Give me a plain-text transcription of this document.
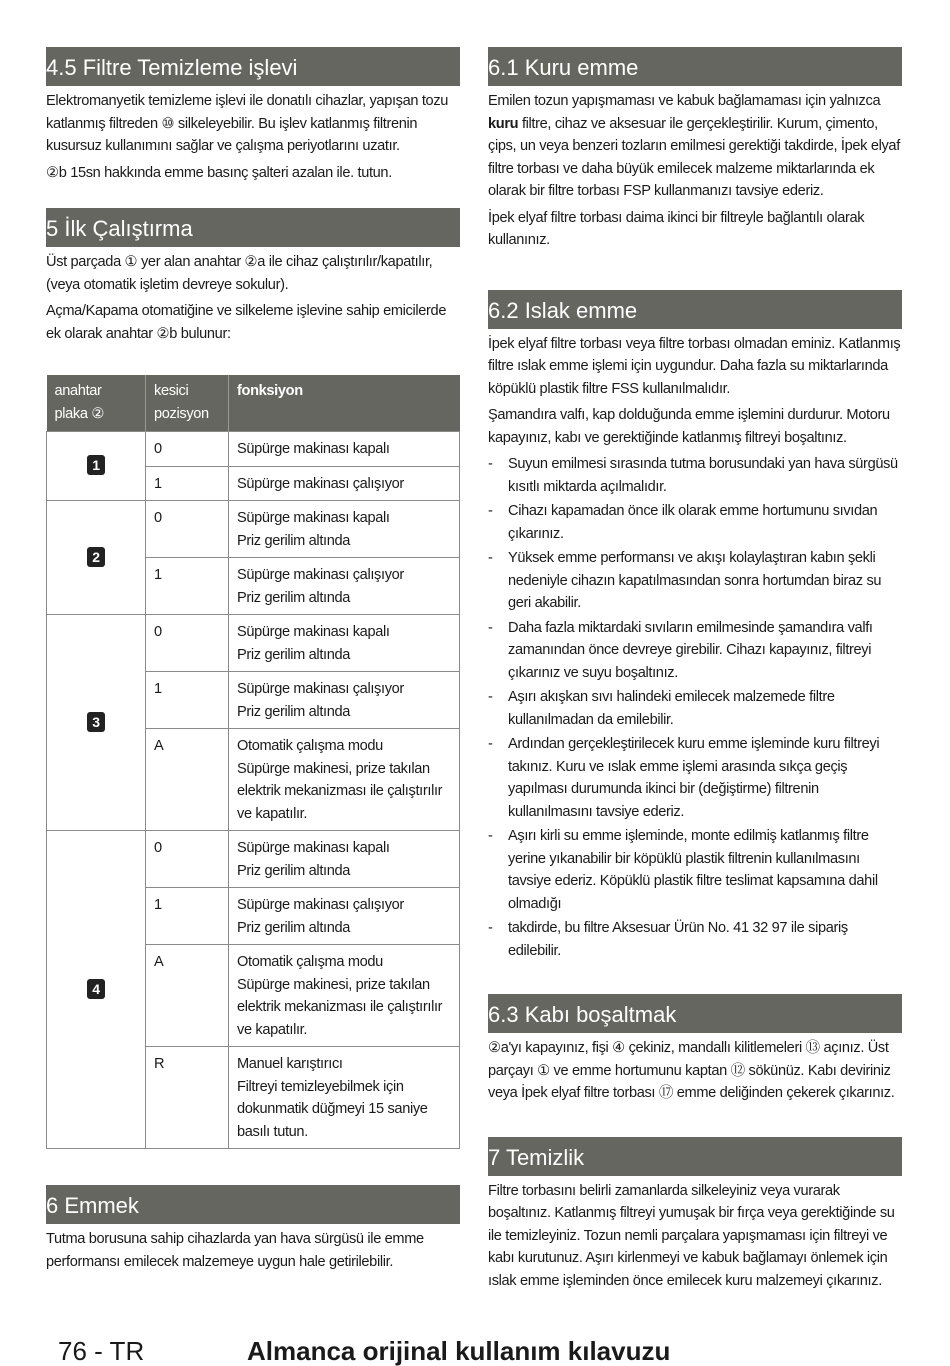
4.5 Filtre Temizleme işlevi

Elektromanyetik temizleme işlevi ile donatılı cihazlar, yapışan tozu katlanmış filtreden ⑩ silkeleyebilir. Bu işlev katlanmış filtrenin kusursuz kullanımını sağlar ve çalışma periyotlarını uzatır.

②b 15sn hakkında emme basınç şalteri azalan ile. tutun.

5 İlk Çalıştırma

Üst parçada ① yer alan anahtar ②a ile cihaz çalıştırılır/kapatılır, (veya otomatik işletim devreye sokulur).

Açma/Kapama otomatiğine ve silkeleme işlevine sahip emicilerde ek olarak anahtar ②b bulunur:

anahtar plaka ②	kesici pozisyon	fonksiyon
1	0	Süpürge makinası kapalı

	1	Süpürge makinası çalışıyor

2	0	Süpürge makinası kapalı
Priz gerilim altında

	1	Süpürge makinası çalışıyor
Priz gerilim altında

3	0	Süpürge makinası kapalı
Priz gerilim altında

	1	Süpürge makinası çalışıyor
Priz gerilim altında

	A	Otomatik çalışma modu
Süpürge makinesi, prize takılan elektrik mekanizması ile çalıştırılır ve kapatılır.

4	0	Süpürge makinası kapalı
Priz gerilim altında

	1	Süpürge makinası çalışıyor
Priz gerilim altında

	A	Otomatik çalışma modu
Süpürge makinesi, prize takılan elektrik mekanizması ile çalıştırılır ve kapatılır.

	R	Manuel karıştırıcı
Filtreyi temizleyebilmek için dokunmatik düğmeyi 15 saniye basılı tutun.
6 Emmek

Tutma borusuna sahip cihazlarda yan hava sürgüsü ile emme performansı emilecek malzemeye uygun hale getirilebilir.

6.1 Kuru emme

Emilen tozun yapışmaması ve kabuk bağlamaması için yalnızca kuru filtre, cihaz ve aksesuar ile gerçekleştirilir. Kurum, çimento, çips, un veya benzeri tozların emilmesi gerektiği takdirde, İpek elyaf filtre torbası ve daha büyük emilecek malzeme miktarlarında ek olarak bir filtre torbası FSP kullanmanızı tavsiye ederiz.

İpek elyaf filtre torbası daima ikinci bir filtreyle bağlantılı olarak kullanınız.

6.2 Islak emme

İpek elyaf filtre torbası veya filtre torbası olmadan eminiz. Katlanmış filtre ıslak emme işlemi için uygundur. Daha fazla su miktarlarında köpüklü plastik filtre FSS kullanılmalıdır.

Şamandıra valfı, kap dolduğunda emme işlemini durdurur. Motoru kapayınız, kabı ve gerektiğinde katlanmış filtreyi boşaltınız.

- Suyun emilmesi sırasında tutma borusundaki yan hava sürgüsü kısıtlı miktarda açılmalıdır.
- Cihazı kapamadan önce ilk olarak emme hortumunu sıvıdan çıkarınız.
- Yüksek emme performansı ve akışı kolaylaştıran kabın şekli nedeniyle cihazın kapatılmasından sonra hortumdan biraz su geri akabilir.
- Daha fazla miktardaki sıvıların emilmesinde şamandıra valfı zamanından önce devreye girebilir. Cihazı kapayınız, filtreyi çıkarınız ve suyu boşaltınız.
- Aşırı akışkan sıvı halindeki emilecek malzemede filtre kullanılmadan da emilebilir.
- Ardından gerçekleştirilecek kuru emme işleminde kuru filtreyi takınız. Kuru ve ıslak emme işlemi arasında sıkça geçiş yapılması durumunda ikinci bir (değiştirme) filtrenin kullanılmasını tavsiye ederiz.
- Aşırı kirli su emme işleminde, monte edilmiş katlanmış filtre yerine yıkanabilir bir köpüklü plastik filtrenin kullanılmasını tavsiye ederiz. Köpüklü plastik filtre teslimat kapsamına dahil olmadığı
- takdirde, bu filtre Aksesuar Ürün No. 41 32 97 ile sipariş edilebilir.
6.3 Kabı boşaltmak

②a'yı kapayınız, fişi ④ çekiniz, mandallı kilitlemeleri ⑬ açınız. Üst parçayı ① ve emme hortumunu kaptan ⑫ sökünüz. Kabı deviriniz veya İpek elyaf filtre torbası ⑰ emme deliğinden çekerek çıkarınız.

7 Temizlik

Filtre torbasını belirli zamanlarda silkeleyiniz veya vurarak boşaltınız. Katlanmış filtreyi yumuşak bir fırça veya gerektiğinde su ile temizleyiniz. Tozun nemli parçalara yapışmaması için filtreyi ve kabı kurutunuz. Aşırı kirlenmeyi ve kabuk bağlamayı önlemek için ıslak emme işleminden önce emilecek kuru malzemeyi çıkarınız.

76 - TR	Almanca orijinal kullanım kılavuzu
